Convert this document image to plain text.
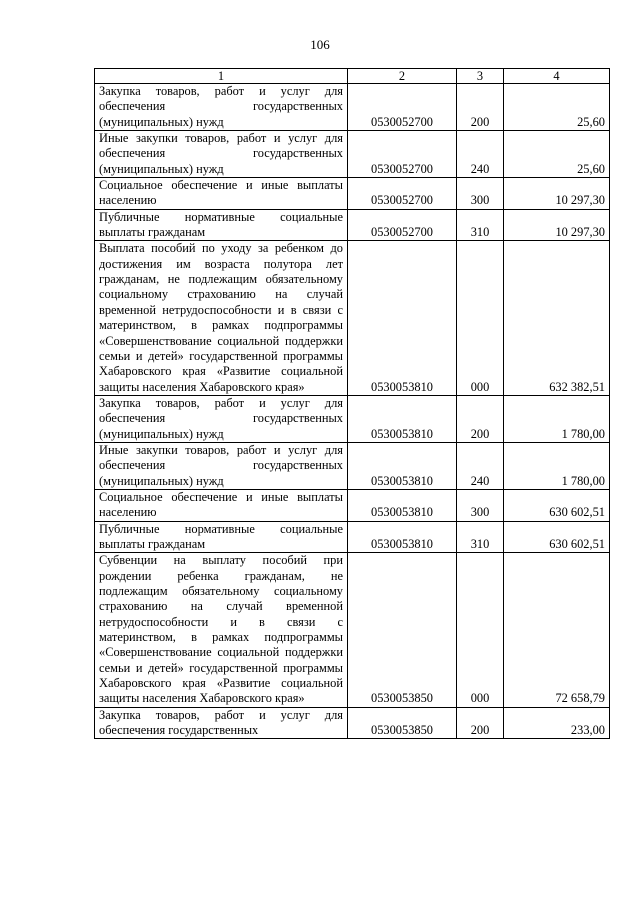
106
1	2	3	4
Закупка товаров, работ и услуг для обеспечения государственных (муниципальных) нужд	0530052700	200	25,60
Иные закупки товаров, работ и услуг для обеспечения государственных (муниципальных) нужд	0530052700	240	25,60
Социальное обеспечение и иные выплаты населению	0530052700	300	10 297,30
Публичные нормативные социальные выплаты гражданам	0530052700	310	10 297,30
Выплата пособий по уходу за ребенком до достижения им возраста полутора лет гражданам, не подлежащим обязательному социальному страхованию на случай временной нетрудоспособности и в связи с материнством, в рамках подпрограммы «Совершенствование социальной поддержки семьи и детей» государственной программы Хабаровского края «Развитие социальной защиты населения Хабаровского края»	0530053810	000	632 382,51
Закупка товаров, работ и услуг для обеспечения государственных (муниципальных) нужд	0530053810	200	1 780,00
Иные закупки товаров, работ и услуг для обеспечения государственных (муниципальных) нужд	0530053810	240	1 780,00
Социальное обеспечение и иные выплаты населению	0530053810	300	630 602,51
Публичные нормативные социальные выплаты гражданам	0530053810	310	630 602,51
Субвенции на выплату пособий при рождении ребенка гражданам, не подлежащим обязательному социальному страхованию на случай временной нетрудоспособности и в связи с материнством, в рамках подпрограммы «Совершенствование социальной поддержки семьи и детей» государственной программы Хабаровского края «Развитие социальной защиты населения Хабаровского края»	0530053850	000	72 658,79
Закупка товаров, работ и услуг для обеспечения государственных	0530053850	200	233,00
